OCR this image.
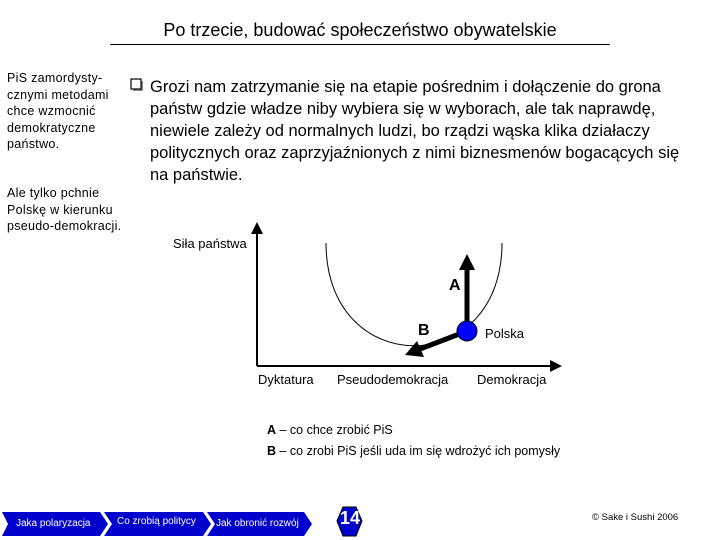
Po trzecie, budować społeczeństwo obywatelskie
PiS zamordysty-cznymi metodami chce wzmocnić demokratyczne państwo.
Ale tylko pchnie Polskę w kierunku pseudo-demokracji.
Grozi nam zatrzymanie się na etapie pośrednim i dołączenie do grona państw gdzie władze niby wybiera się w wyborach, ale tak naprawdę, niewiele zależy od normalnych ludzi, bo rządzi wąska klika działaczy politycznych oraz zaprzyjaźnionych z nimi biznesmenów bogacących się na państwie.
Siła państwa
Dyktatura Pseudodemokracja Demokracja
Polska
A
B
A – co chce zrobić PiS
B – co zrobi PiS jeśli uda im się wdrożyć ich pomysły
Jaka polaryzacja	Co zrobią politycy Jak obronić rozwój 14	© Sake i Sushi 2006
